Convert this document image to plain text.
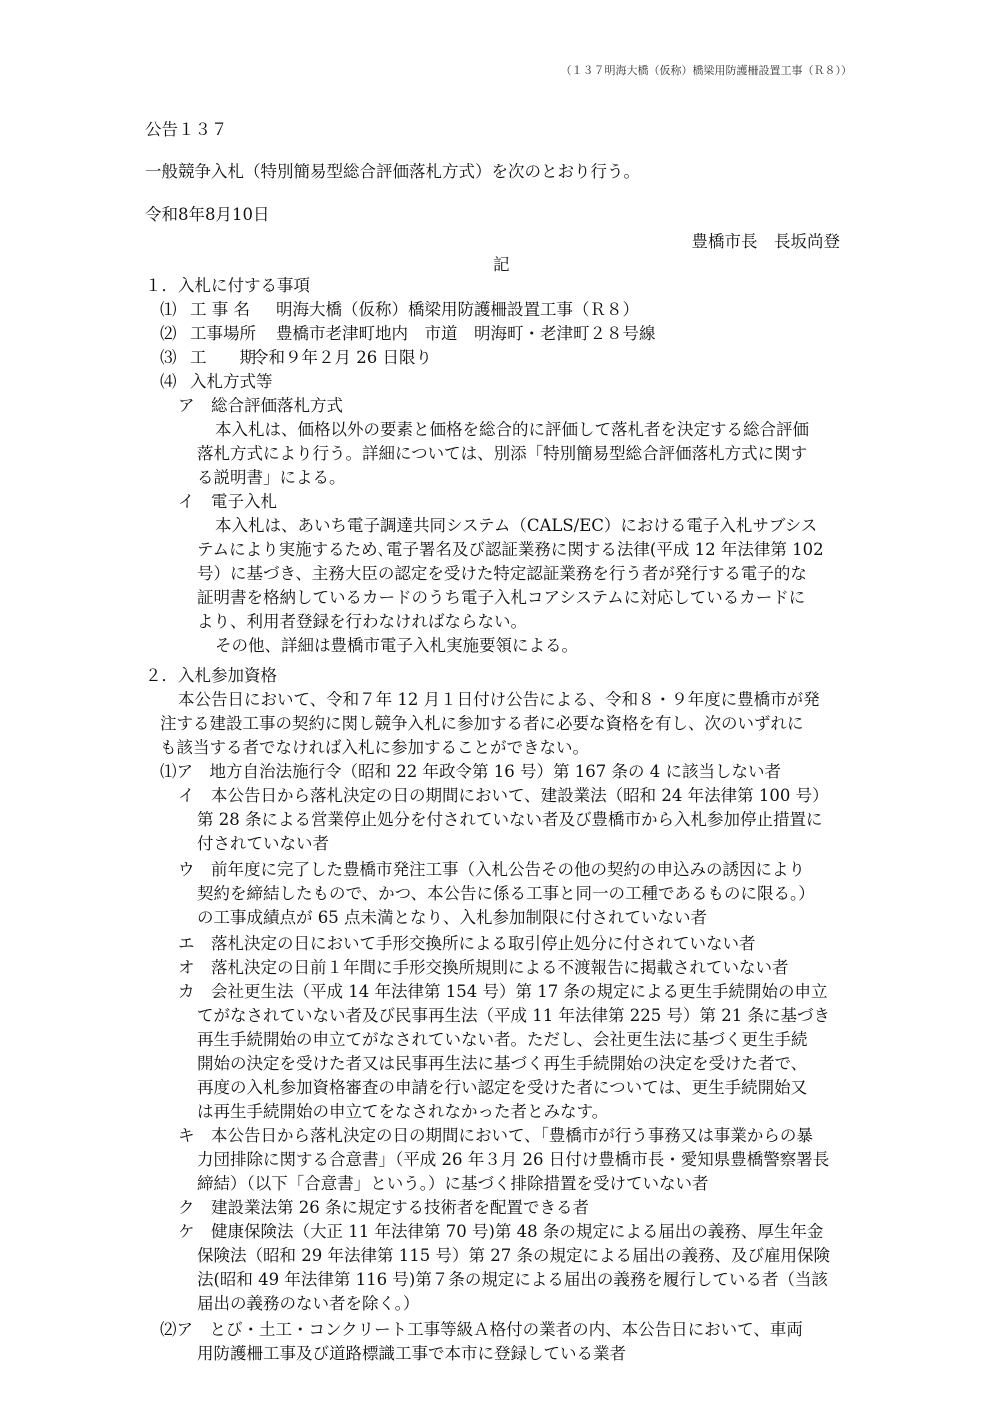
（１３７明海大橋（仮称）橋梁用防護柵設置工事（Ｒ８））
公告１３７
一般競争入札（特別簡易型総合評価落札方式）を次のとおり行う。
令和8年8月10日
豊橋市長　長坂尚登
記
１．入札に付する事項
⑴ 工 事 名 明海大橋（仮称）橋梁用防護柵設置工事（Ｒ８）
⑵ 工事場所 豊橋市老津町地内　市道　明海町・老津町２８号線
⑶ 工　　期令和９年２月 26 日限り
⑷ 入札方式等
ア　総合評価落札方式
本入札は、価格以外の要素と価格を総合的に評価して落札者を決定する総合評価
落札方式により行う。詳細については、別添「特別簡易型総合評価落札方式に関す
る説明書」による。
イ　電子入札
本入札は、あいち電子調達共同システム（CALS/EC）における電子入札サブシス
テムにより実施するため､電子署名及び認証業務に関する法律(平成 12 年法律第 102
号）に基づき、主務大臣の認定を受けた特定認証業務を行う者が発行する電子的な
証明書を格納しているカードのうち電子入札コアシステムに対応しているカードに
より、利用者登録を行わなければならない。
その他、詳細は豊橋市電子入札実施要領による。
２．入札参加資格
本公告日において、令和７年 12 月１日付け公告による、令和８・９年度に豊橋市が発
注する建設工事の契約に関し競争入札に参加する者に必要な資格を有し、次のいずれに
も該当する者でなければ入札に参加することができない。
⑴ア　地方自治法施行令（昭和 22 年政令第 16 号）第 167 条の 4 に該当しない者
イ　本公告日から落札決定の日の期間において、建設業法（昭和 24 年法律第 100 号）
第 28 条による営業停止処分を付されていない者及び豊橋市から入札参加停止措置に
付されていない者
ウ　前年度に完了した豊橋市発注工事（入札公告その他の契約の申込みの誘因により
契約を締結したもので、かつ、本公告に係る工事と同一の工種であるものに限る。）
の工事成績点が 65 点未満となり、入札参加制限に付されていない者
エ　落札決定の日において手形交換所による取引停止処分に付されていない者
オ　落札決定の日前１年間に手形交換所規則による不渡報告に掲載されていない者
カ　会社更生法（平成 14 年法律第 154 号）第 17 条の規定による更生手続開始の申立
てがなされていない者及び民事再生法（平成 11 年法律第 225 号）第 21 条に基づき
再生手続開始の申立てがなされていない者。ただし、会社更生法に基づく更生手続
開始の決定を受けた者又は民事再生法に基づく再生手続開始の決定を受けた者で、
再度の入札参加資格審査の申請を行い認定を受けた者については、更生手続開始又
は再生手続開始の申立てをなされなかった者とみなす。
キ　本公告日から落札決定の日の期間において、「豊橋市が行う事務又は事業からの暴
力団排除に関する合意書」（平成 26 年３月 26 日付け豊橋市長・愛知県豊橋警察署長
締結）（以下「合意書」という。）に基づく排除措置を受けていない者
ク　建設業法第 26 条に規定する技術者を配置できる者
ケ　健康保険法（大正 11 年法律第 70 号)第 48 条の規定による届出の義務、厚生年金
保険法（昭和 29 年法律第 115 号）第 27 条の規定による届出の義務、及び雇用保険
法(昭和 49 年法律第 116 号)第７条の規定による届出の義務を履行している者（当該
届出の義務のない者を除く。）
⑵ア　とび・土工・コンクリート工事等級Ａ格付の業者の内、本公告日において、車両
用防護柵工事及び道路標識工事で本市に登録している業者
